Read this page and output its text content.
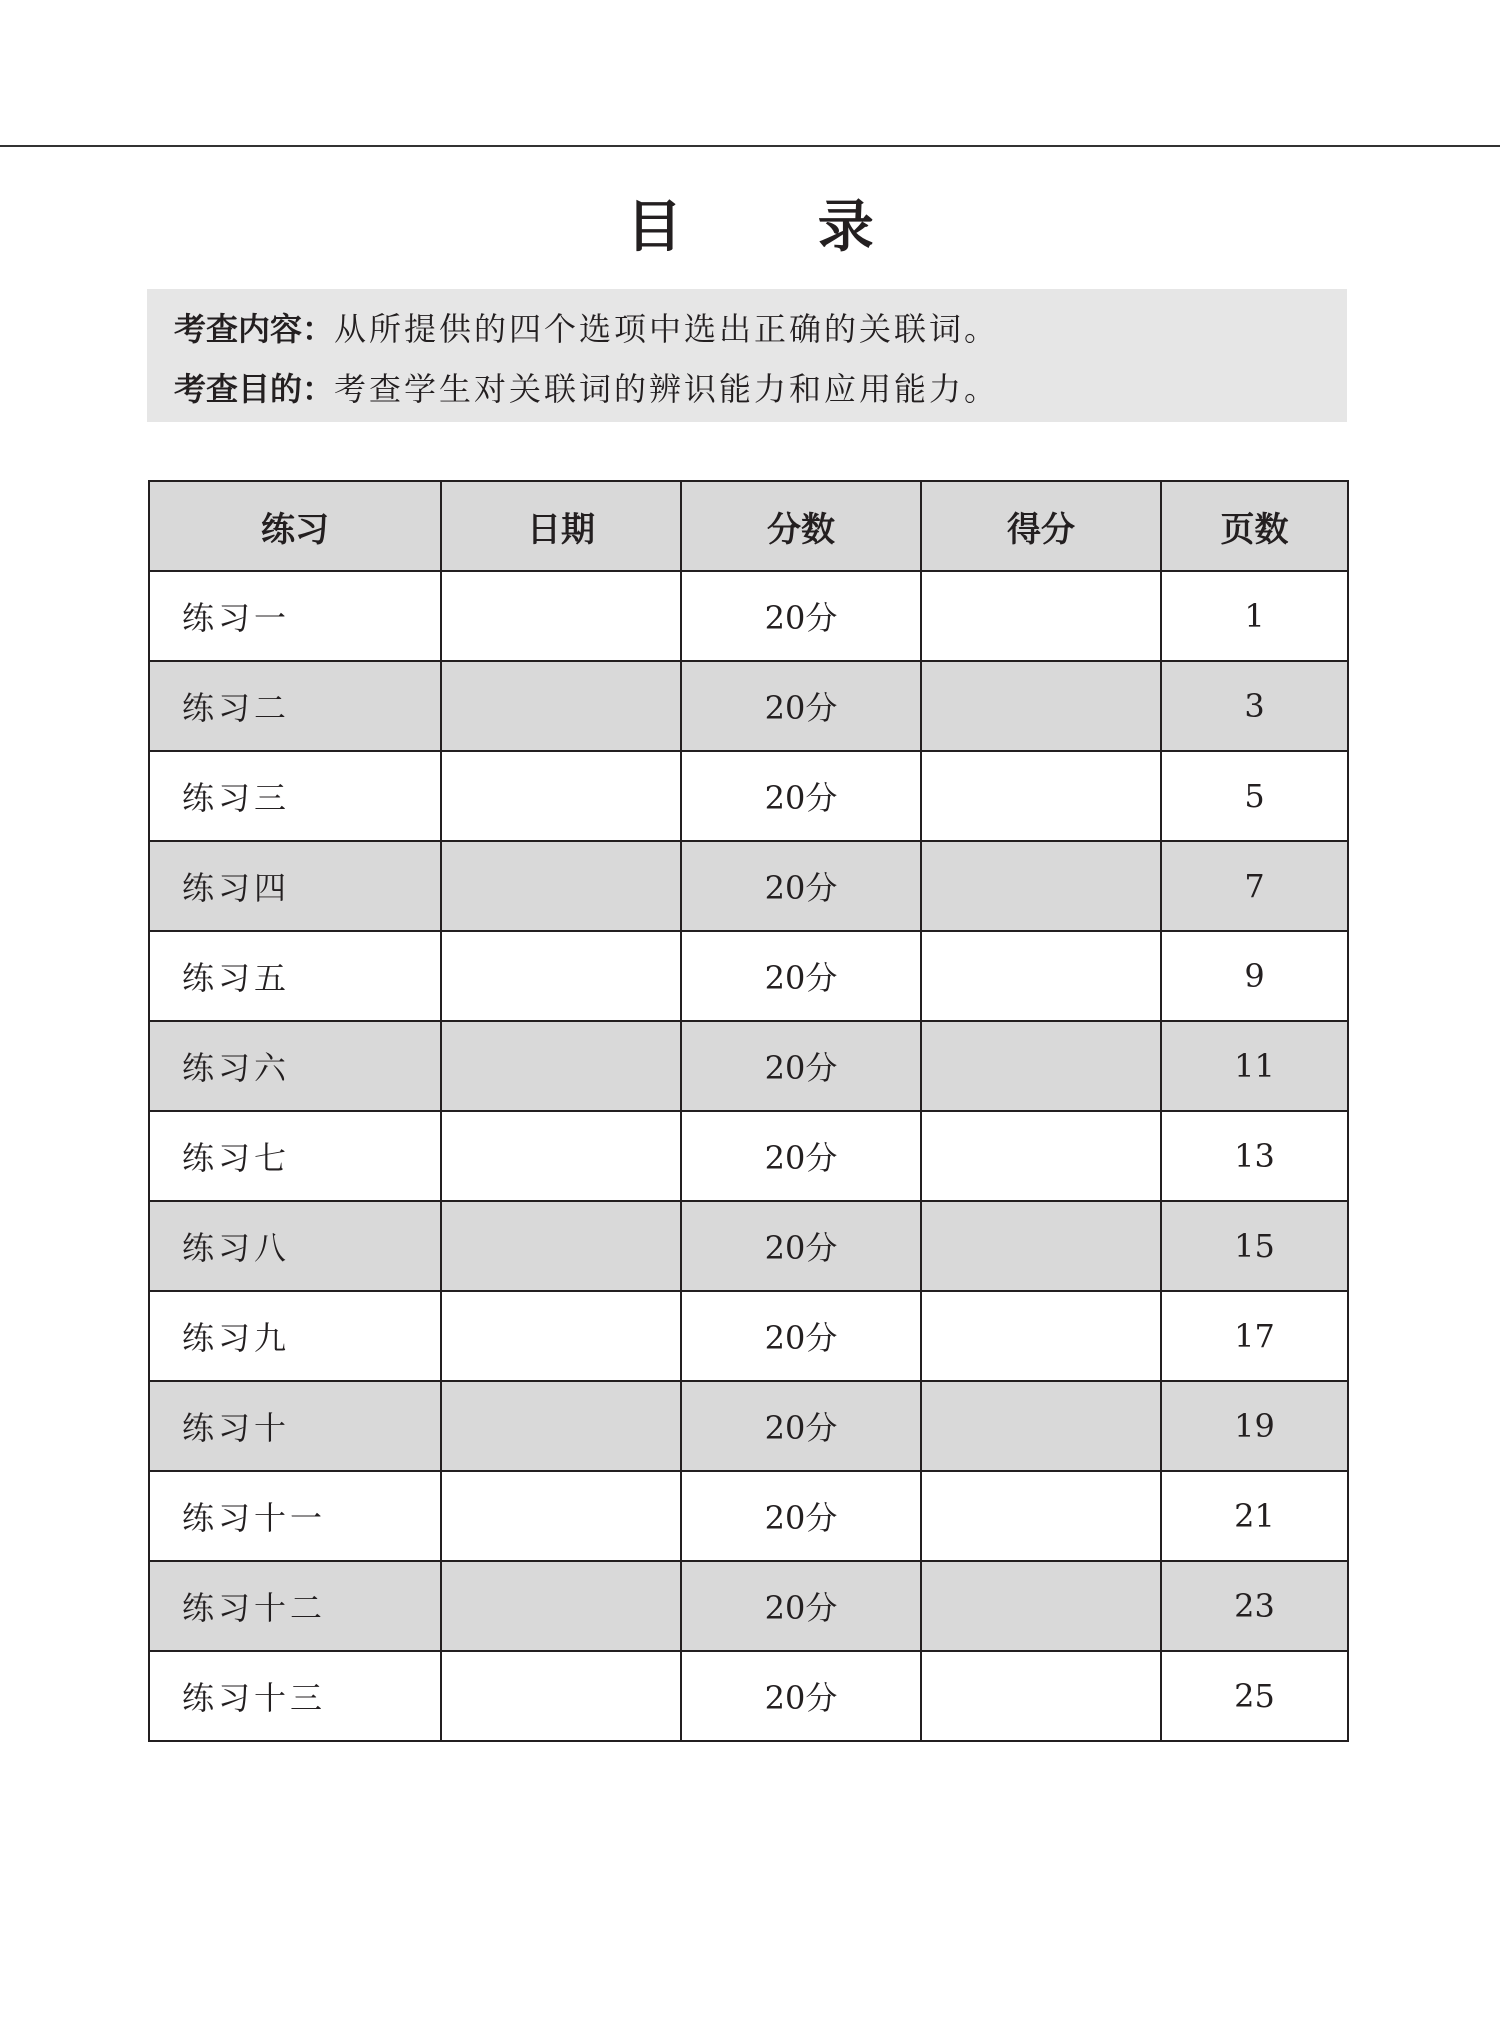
目 录
考查内容：从所提供的四个选项中选出正确的关联词。
考查目的：考查学生对关联词的辨识能力和应用能力。
练习	日期	分数	得分	页数
练习一		20分		1
练习二		20分		3
练习三		20分		5
练习四		20分		7
练习五		20分		9
练习六		20分		11
练习七		20分		13
练习八		20分		15
练习九		20分		17
练习十		20分		19
练习十一		20分		21
练习十二		20分		23
练习十三		20分		25
